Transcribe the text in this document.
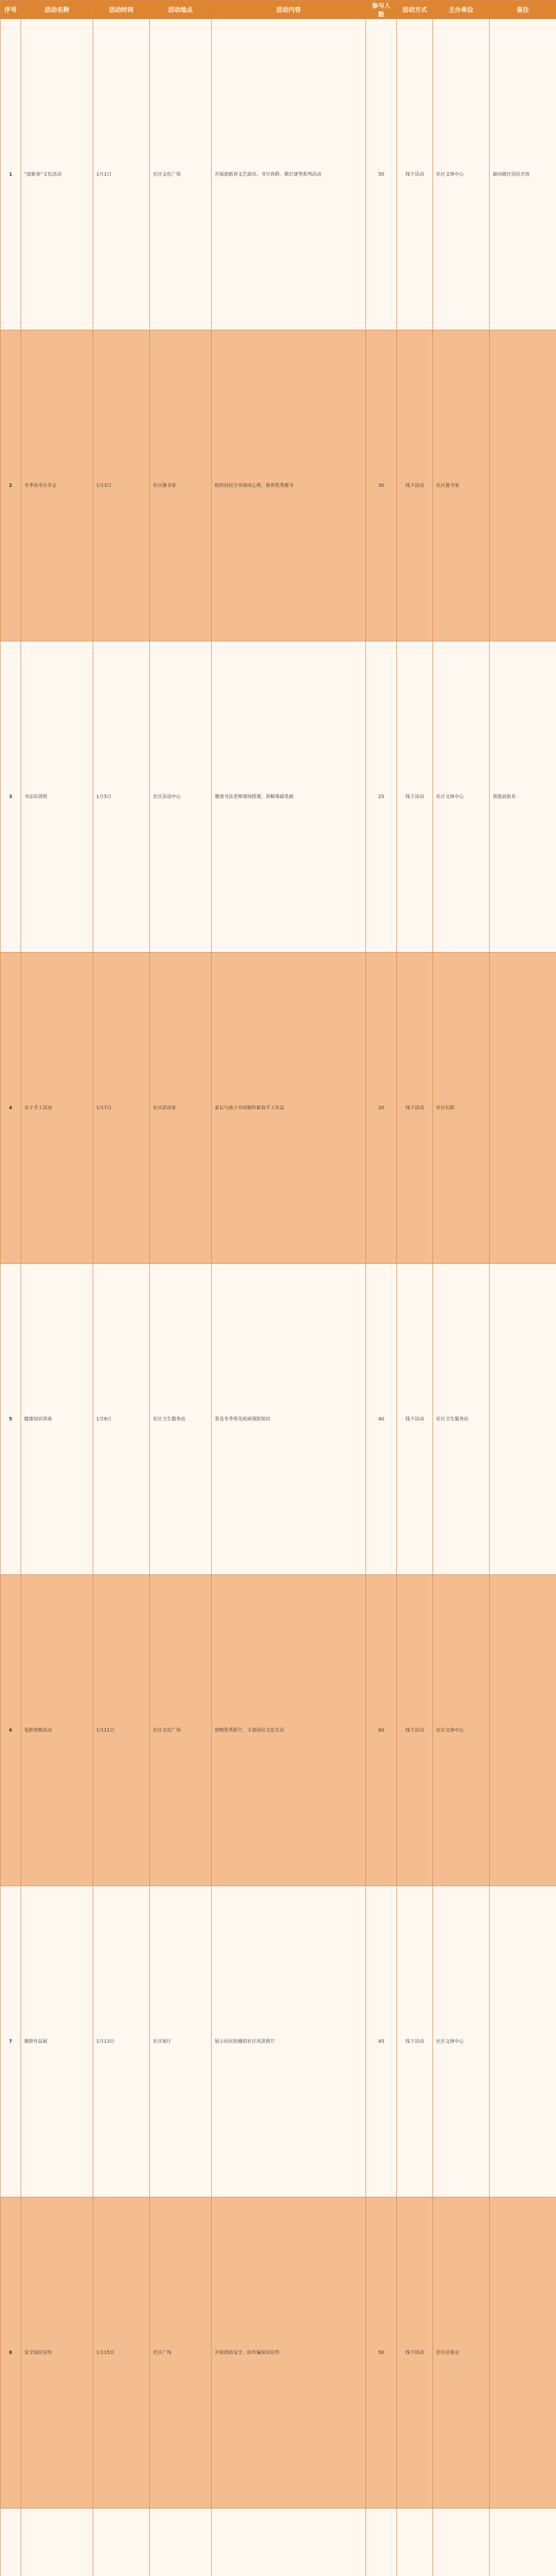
序号	活动名称	活动时间	活动地点	活动内容	参与人数	活动方式	主办单位	备注
1	“迎新春”文化活动	1月1日	社区文化广场	开展迎新春文艺演出、书写春联、猜灯谜等系列活动	50	线下活动	社区文体中心	面向辖区居民开放
2	冬季读书分享会	1月3日	社区图书室	组织居民分享阅读心得，推荐优秀图书	30	线下活动	社区图书室	
3	书法培训班	1月5日	社区活动中心	邀请书法老师现场授课，讲解基础笔画	25	线下活动	社区文体中心	需提前报名
4	亲子手工活动	1月7日	社区活动室	家长与孩子共同制作新春手工作品	20	线下活动	社区妇联	
5	健康知识讲座	1月9日	社区卫生服务站	普及冬季常见疾病预防知识	40	线下活动	社区卫生服务站	
6	电影放映活动	1月11日	社区文化广场	放映优秀影片，丰富居民文化生活	60	线下活动	社区文体中心	
7	摄影作品展	1月13日	社区展厅	展示居民拍摄的社区风景照片	45	线下活动	社区文体中心	
8	安全知识宣传	1月15日	社区广场	开展消防安全、防诈骗知识宣传	50	线下活动	社区居委会	
